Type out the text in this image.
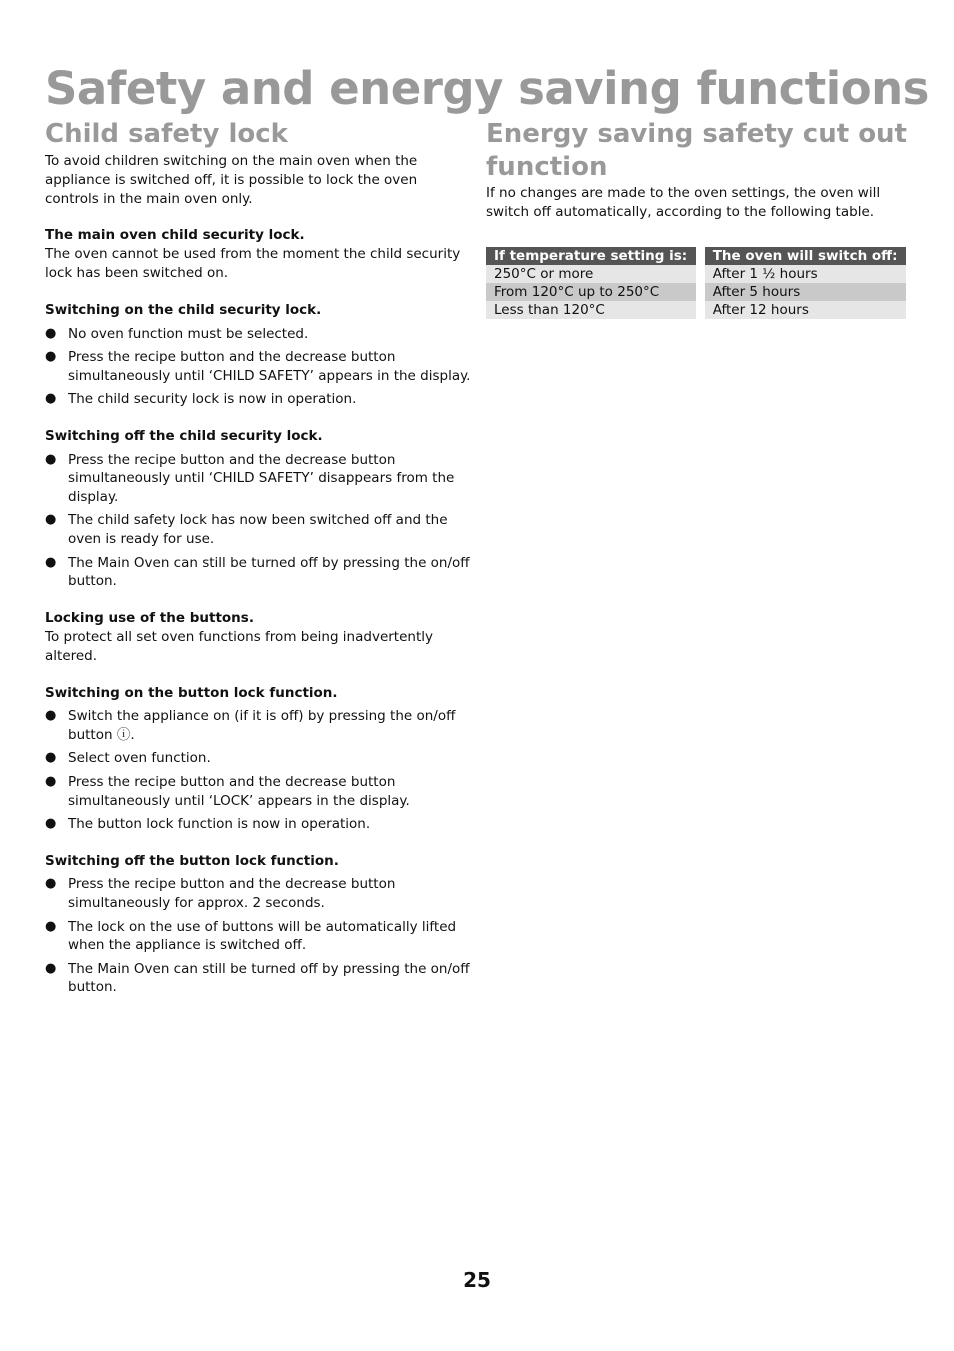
Safety and energy saving functions
Child safety lock

To avoid children switching on the main oven when the appliance is switched off, it is possible to lock the oven controls in the main oven only.

The main oven child security lock.

The oven cannot be used from the moment the child security lock has been switched on.

Switching on the child security lock.
● No oven function must be selected.
● Press the recipe button and the decrease button simultaneously until ‘CHILD SAFETY’ appears in the display.
● The child security lock is now in operation.
Switching off the child security lock.
● Press the recipe button and the decrease button simultaneously until ‘CHILD SAFETY’ disappears from the display.
● The child safety lock has now been switched off and the oven is ready for use.
● The Main Oven can still be turned off by pressing the on/off button.
Locking use of the buttons.

To protect all set oven functions from being inadvertently altered.

Switching on the button lock function.
● Switch the appliance on (if it is off) by pressing the on/off button ⓘ.
● Select oven function.
● Press the recipe button and the decrease button simultaneously until ‘LOCK’ appears in the display.
● The button lock function is now in operation.
Switching off the button lock function.
● Press the recipe button and the decrease button simultaneously for approx. 2 seconds.
● The lock on the use of buttons will be automatically lifted when the appliance is switched off.
● The Main Oven can still be turned off by pressing the on/off button.
Energy saving safety cut out function

If no changes are made to the oven settings, the oven will switch off automatically, according to the following table.

If temperature setting is:	The oven will switch off:
250°C or more	After 1 ½ hours
From 120°C up to 250°C	After 5 hours
Less than 120°C	After 12 hours
25
